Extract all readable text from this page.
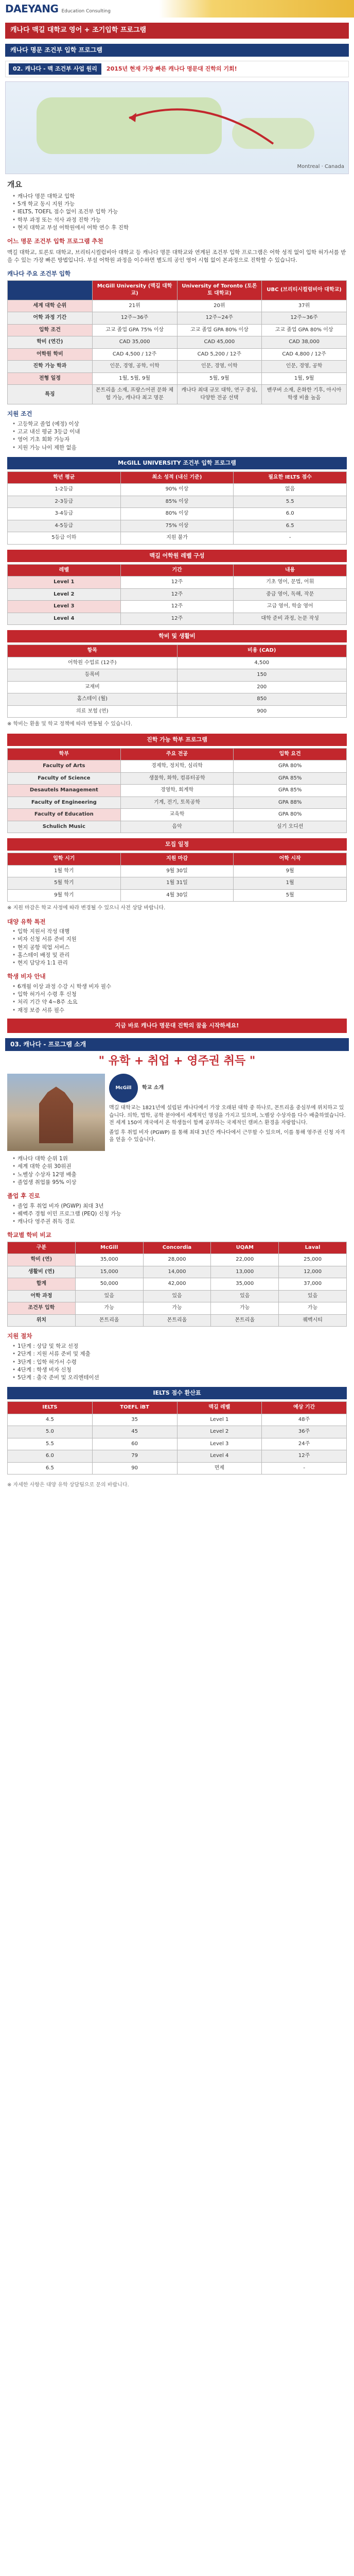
DAEYANG Education Consulting
캐나다 맥길 대학교 영어 + 조기입학 프로그램
캐나다 명문 조건부 입학 프로그램
02. 캐나다 - 맥 조건부 사업 원리	2015년 현재 가장 빠른 캐나다 명문대 진학의 기회!
Montreal · Canada
개요
• 캐나다 명문 대학교 입학
• 5개 학교 동시 지원 가능
• IELTS, TOEFL 점수 없이 조건부 입학 가능
• 학부 과정 또는 석사 과정 진학 가능
• 현지 대학교 부설 어학원에서 어학 연수 후 진학
어느 명문 조건부 입학 프로그램 추천

맥길 대학교, 토론토 대학교, 브리티시컬럼비아 대학교 등 캐나다 명문 대학교와 연계된 조건부 입학 프로그램은 어학 성적 없이 입학 허가서를 받을 수 있는 가장 빠른 방법입니다. 부설 어학원 과정을 이수하면 별도의 공인 영어 시험 없이 본과정으로 진학할 수 있습니다.

캐나다 주요 조건부 입학
	McGill University (맥길 대학교)	University of Toronto (토론토 대학교)	UBC (브리티시컬럼비아 대학교)
세계 대학 순위	21위	20위	37위
어학 과정 기간	12주~36주	12주~24주	12주~36주
입학 조건	고교 졸업 GPA 75% 이상	고교 졸업 GPA 80% 이상	고교 졸업 GPA 80% 이상
학비 (연간)	CAD 35,000	CAD 45,000	CAD 38,000
어학원 학비	CAD 4,500 / 12주	CAD 5,200 / 12주	CAD 4,800 / 12주
진학 가능 학과	인문, 경영, 공학, 이학	인문, 경영, 이학	인문, 경영, 공학
전형 일정	1월, 5월, 9월	5월, 9월	1월, 9월
특징	몬트리올 소재, 프랑스어권 문화 체험 가능, 캐나다 최고 명문	캐나다 최대 규모 대학, 연구 중심, 다양한 전공 선택	밴쿠버 소재, 온화한 기후, 아시아 학생 비율 높음
지원 조건
• 고등학교 졸업 (예정) 이상
• 고교 내신 평균 3등급 이내
• 영어 기초 회화 가능자
• 지원 가능 나이 제한 없음
McGILL UNIVERSITY 조건부 입학 프로그램
학년 평균	최소 성적 (내신 기준)	필요한 IELTS 점수
1-2등급	90% 이상	없음
2-3등급	85% 이상	5.5
3-4등급	80% 이상	6.0
4-5등급	75% 이상	6.5
5등급 이하	지원 불가	-
맥길 어학원 레벨 구성
레벨	기간	내용
Level 1	12주	기초 영어, 문법, 어휘
Level 2	12주	중급 영어, 독해, 작문
Level 3	12주	고급 영어, 학술 영어
Level 4	12주	대학 준비 과정, 논문 작성
학비 및 생활비
항목	비용 (CAD)
어학원 수업료 (12주)	4,500
등록비	150
교재비	200
홈스테이 (월)	850
의료 보험 (연)	900

※ 학비는 환율 및 학교 정책에 따라 변동될 수 있습니다.

진학 가능 학부 프로그램
학부	주요 전공	입학 요건
Faculty of Arts	경제학, 정치학, 심리학	GPA 80%
Faculty of Science	생물학, 화학, 컴퓨터공학	GPA 85%
Desautels Management	경영학, 회계학	GPA 85%
Faculty of Engineering	기계, 전기, 토목공학	GPA 88%
Faculty of Education	교육학	GPA 80%
Schulich Music	음악	실기 오디션
모집 일정
입학 시기	지원 마감	어학 시작
1월 학기	9월 30일	9월
5월 학기	1월 31일	1월
9월 학기	4월 30일	5월

※ 지원 마감은 학교 사정에 따라 변경될 수 있으니 사전 상담 바랍니다.

대양 유학 특전
• 입학 지원서 작성 대행
• 비자 신청 서류 준비 지원
• 현지 공항 픽업 서비스
• 홈스테이 배정 및 관리
• 현지 담당자 1:1 관리
학생 비자 안내
• 6개월 이상 과정 수강 시 학생 비자 필수
• 입학 허가서 수령 후 신청
• 처리 기간 약 4~8주 소요
• 재정 보증 서류 필수
지금 바로 캐나다 명문대 진학의 꿈을 시작하세요!
03. 캐나다 - 프로그램 소개
" 유학 + 취업 + 영주권 취득 "
McGill	학교 소개

맥길 대학교는 1821년에 설립된 캐나다에서 가장 오래된 대학 중 하나로, 몬트리올 중심부에 위치하고 있습니다. 의학, 법학, 공학 분야에서 세계적인 명성을 가지고 있으며, 노벨상 수상자를 다수 배출하였습니다. 전 세계 150여 개국에서 온 학생들이 함께 공부하는 국제적인 캠퍼스 환경을 자랑합니다.

졸업 후 취업 비자 (PGWP) 를 통해 최대 3년간 캐나다에서 근무할 수 있으며, 이를 통해 영주권 신청 자격을 얻을 수 있습니다.

• 캐나다 대학 순위 1위
• 세계 대학 순위 30위권
• 노벨상 수상자 12명 배출
• 졸업생 취업률 95% 이상
졸업 후 진로
• 졸업 후 취업 비자 (PGWP) 최대 3년
• 퀘벡주 경험 이민 프로그램 (PEQ) 신청 가능
• 캐나다 영주권 취득 경로
학교별 학비 비교
구분	McGill	Concordia	UQAM	Laval
학비 (연)	35,000	28,000	22,000	25,000
생활비 (연)	15,000	14,000	13,000	12,000
합계	50,000	42,000	35,000	37,000
어학 과정	있음	있음	있음	있음
조건부 입학	가능	가능	가능	가능
위치	몬트리올	몬트리올	몬트리올	퀘벡시티
지원 절차
• 1단계 : 상담 및 학교 선정
• 2단계 : 지원 서류 준비 및 제출
• 3단계 : 입학 허가서 수령
• 4단계 : 학생 비자 신청
• 5단계 : 출국 준비 및 오리엔테이션
IELTS 점수 환산표
IELTS	TOEFL iBT	맥길 레벨	예상 기간
4.5	35	Level 1	48주
5.0	45	Level 2	36주
5.5	60	Level 3	24주
6.0	79	Level 4	12주
6.5	90	면제	-

※ 자세한 사항은 대양 유학 상담팀으로 문의 바랍니다.
